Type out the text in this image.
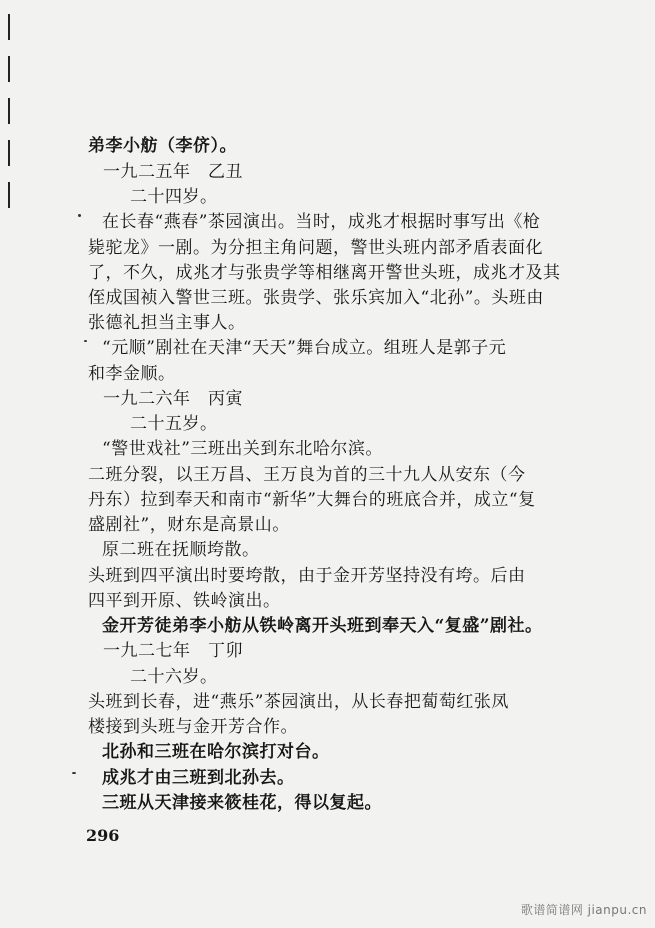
弟李小舫（李侪）。
一九二五年　乙丑
二十四岁。
在长春“燕春”茶园演出。当时，成兆才根据时事写出《枪
毙驼龙》一剧。为分担主角问题，警世头班内部矛盾表面化
了，不久，成兆才与张贵学等相继离开警世头班，成兆才及其
侄成国祯入警世三班。张贵学、张乐宾加入“北孙”。头班由
张德礼担当主事人。
“元顺”剧社在天津“天天”舞台成立。组班人是郭子元
和李金顺。
一九二六年　丙寅
二十五岁。
“警世戏社”三班出关到东北哈尔滨。
二班分裂，以王万昌、王万良为首的三十九人从安东（今
丹东）拉到奉天和南市“新华”大舞台的班底合并，成立“复
盛剧社”，财东是高景山。
原二班在抚顺垮散。
头班到四平演出时要垮散，由于金开芳坚持没有垮。后由
四平到开原、铁岭演出。
金开芳徒弟李小舫从铁岭离开头班到奉天入“复盛”剧社。
一九二七年　丁卯
二十六岁。
头班到长春，进“燕乐”茶园演出，从长春把蔔萄红张凤
楼接到头班与金开芳合作。
北孙和三班在哈尔滨打对台。
成兆才由三班到北孙去。
三班从天津接来筱桂花，得以复起。
296
歌谱简谱网 jianpu.cn
